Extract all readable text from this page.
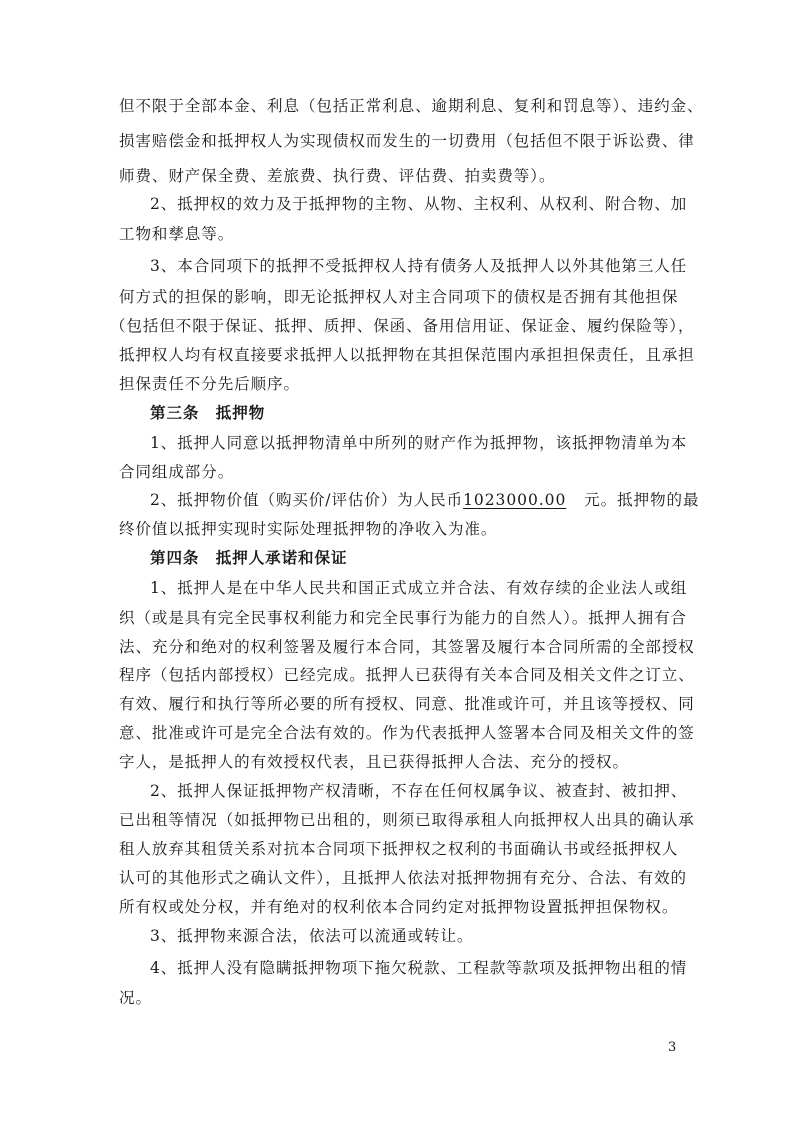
但不限于全部本金、利息（包括正常利息、逾期利息、复利和罚息等）、违约金、
损害赔偿金和抵押权人为实现债权而发生的一切费用（包括但不限于诉讼费、律
师费、财产保全费、差旅费、执行费、评估费、拍卖费等）。
2、抵押权的效力及于抵押物的主物、从物、主权利、从权利、附合物、加
工物和孳息等。
3、本合同项下的抵押不受抵押权人持有债务人及抵押人以外其他第三人任
何方式的担保的影响，即无论抵押权人对主合同项下的债权是否拥有其他担保
（包括但不限于保证、抵押、质押、保函、备用信用证、保证金、履约保险等），
抵押权人均有权直接要求抵押人以抵押物在其担保范围内承担担保责任，且承担
担保责任不分先后顺序。
第三条　抵押物
1、抵押人同意以抵押物清单中所列的财产作为抵押物，该抵押物清单为本
合同组成部分。
2、抵押物价值（购买价/评估价）为人民币1023000.00 元。抵押物的最
终价值以抵押实现时实际处理抵押物的净收入为准。
第四条　抵押人承诺和保证
1、抵押人是在中华人民共和国正式成立并合法、有效存续的企业法人或组
织（或是具有完全民事权利能力和完全民事行为能力的自然人）。抵押人拥有合
法、充分和绝对的权利签署及履行本合同，其签署及履行本合同所需的全部授权
程序（包括内部授权）已经完成。抵押人已获得有关本合同及相关文件之订立、
有效、履行和执行等所必要的所有授权、同意、批准或许可，并且该等授权、同
意、批准或许可是完全合法有效的。作为代表抵押人签署本合同及相关文件的签
字人，是抵押人的有效授权代表，且已获得抵押人合法、充分的授权。
2、抵押人保证抵押物产权清晰，不存在任何权属争议、被查封、被扣押、
已出租等情况（如抵押物已出租的，则须已取得承租人向抵押权人出具的确认承
租人放弃其租赁关系对抗本合同项下抵押权之权利的书面确认书或经抵押权人
认可的其他形式之确认文件），且抵押人依法对抵押物拥有充分、合法、有效的
所有权或处分权，并有绝对的权利依本合同约定对抵押物设置抵押担保物权。
3、抵押物来源合法，依法可以流通或转让。
4、抵押人没有隐瞒抵押物项下拖欠税款、工程款等款项及抵押物出租的情
况。
3
